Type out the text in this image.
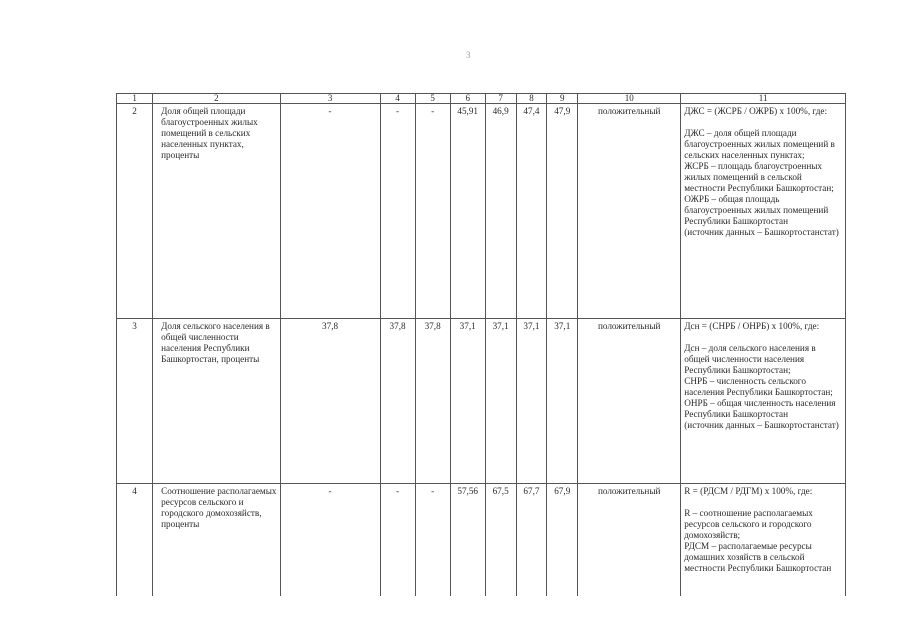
3
1	2	3	4	5	6	7	8	9	10	11
2	Доля общей площади благоустроенных жилых помещений в сельских населенных пунктах, проценты	-	-	-	45,91	46,9	47,4	47,9	положительный	ДЖС = (ЖСРБ / ОЖРБ) х 100%, где:
ДЖС – доля общей площади благоустроенных жилых помещений в сельских населенных пунктах;
ЖСРБ – площадь благоустроенных жилых помещений в сельской местности Республики Башкортостан;
ОЖРБ – общая площадь благоустроенных жилых помещений Республики Башкортостан
(источник данных – Башкортостанстат)

3	Доля сельского населения в общей численности населения Республики Башкортостан, проценты	37,8	37,8	37,8	37,1	37,1	37,1	37,1	положительный	Дсн = (СНРБ / ОНРБ) х 100%, где:
Дсн – доля сельского населения в общей численности населения Республики Башкортостан;
СНРБ – численность сельского населения Республики Башкортостан;
ОНРБ – общая численность населения Республики Башкортостан
(источник данных – Башкортостанстат)

4	Соотношение располагаемых ресурсов сельского и городского домохозяйств, проценты	-	-	-	57,56	67,5	67,7	67,9	положительный	R = (РДСМ / РДГМ) х 100%, где:
R – соотношение располагаемых ресурсов сельского и городского домохозяйств;
РДСМ – располагаемые ресурсы домашних хозяйств в сельской местности Республики Башкортостан
